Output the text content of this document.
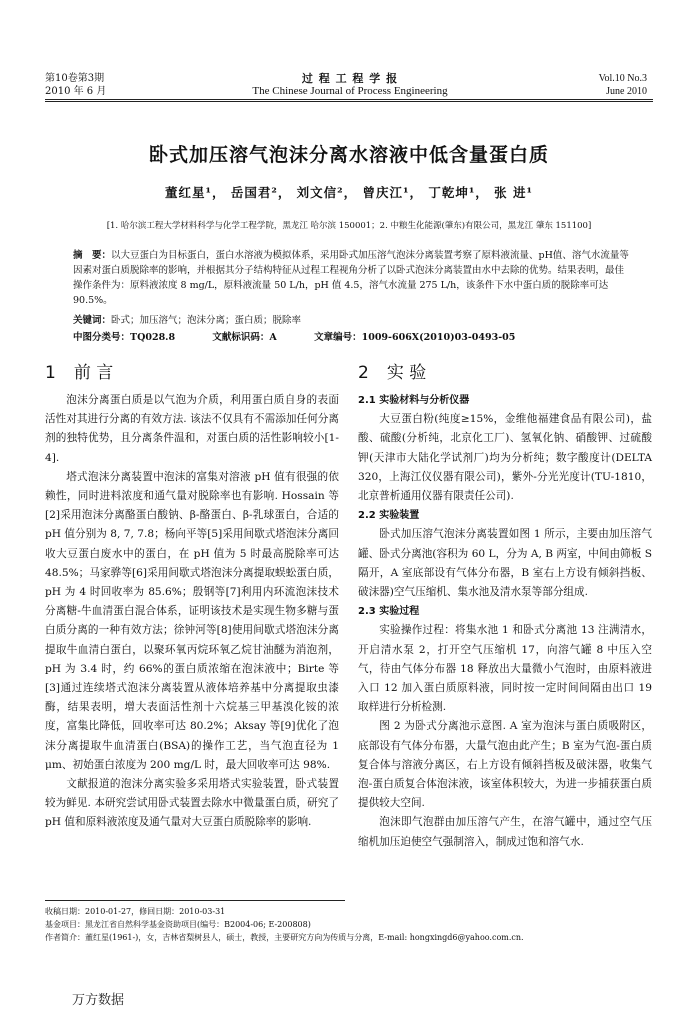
第10卷第3期
2010 年 6 月
过 程 工 程 学 报
The Chinese Journal of Process Engineering
Vol.10 No.3
June 2010
卧式加压溶气泡沫分离水溶液中低含量蛋白质
董红星¹， 岳国君²， 刘文信²， 曾庆江¹， 丁乾坤¹， 张 进¹
[1. 哈尔滨工程大学材料科学与化学工程学院，黑龙江 哈尔滨 150001；2. 中粮生化能源(肇东)有限公司，黑龙江 肇东 151100]
摘　要：以大豆蛋白为目标蛋白，蛋白水溶液为模拟体系，采用卧式加压溶气泡沫分离装置考察了原料液流量、pH值、溶气水流量等因素对蛋白质脱除率的影响，并根据其分子结构特征从过程工程视角分析了以卧式泡沫分离装置由水中去除的优势。结果表明，最佳操作条件为：原料液浓度 8 mg/L，原料液流量 50 L/h，pH 值 4.5，溶气水流量 275 L/h，该条件下水中蛋白质的脱除率可达 90.5%。
关键词：卧式；加压溶气；泡沫分离；蛋白质；脱除率
中图分类号：TQ028.8	文献标识码：A	文章编号：1009-606X(2010)03-0493-05
1 前 言	2 实 验

泡沫分离蛋白质是以气泡为介质，利用蛋白质自身的表面活性对其进行分离的有效方法. 该法不仅具有不需添加任何分离剂的独特优势，且分离条件温和，对蛋白质的活性影响较小[1-4].

塔式泡沫分离装置中泡沫的富集对溶液 pH 值有很强的依赖性，同时进料浓度和通气量对脱除率也有影响. Hossain 等[2]采用泡沫分离酪蛋白酸钠、β-酪蛋白、β-乳球蛋白，合适的 pH 值分别为 8, 7, 7.8；杨向平等[5]采用间歇式塔泡沫分离回收大豆蛋白废水中的蛋白，在 pH 值为 5 时最高脱除率可达 48.5%；马家骅等[6]采用间歇式塔泡沫分离提取蜈蚣蛋白质，pH 为 4 时回收率为 85.6%；殷钢等[7]利用内环流泡沫技术分离糖-牛血清蛋白混合体系，证明该技术是实现生物多糖与蛋白质分离的一种有效方法；徐钟河等[8]使用间歇式塔泡沫分离提取牛血清白蛋白，以聚环氧丙烷环氧乙烷甘油醚为消泡剂，pH 为 3.4 时，约 66%的蛋白质浓缩在泡沫液中；Birte 等[3]通过连续塔式泡沫分离装置从液体培养基中分离提取虫漆酶，结果表明，增大表面活性剂十六烷基三甲基溴化铵的浓度，富集比降低，回收率可达 80.2%；Aksay 等[9]优化了泡沫分离提取牛血清蛋白(BSA)的操作工艺，当气泡直径为 1 μm、初始蛋白浓度为 200 mg/L 时，最大回收率可达 98%.

文献报道的泡沫分离实验多采用塔式实验装置，卧式装置较为鲜见. 本研究尝试用卧式装置去除水中微量蛋白质，研究了 pH 值和原料液浓度及通气量对大豆蛋白质脱除率的影响.

2.1 实验材料与分析仪器

大豆蛋白粉(纯度≥15%，金维他福建食品有限公司)，盐酸、硫酸(分析纯，北京化工厂)、氢氧化钠、硝酸钾、过硫酸钾(天津市大陆化学试剂厂)均为分析纯；数字酸度计(DELTA 320，上海江仪仪器有限公司)，紫外-分光光度计(TU-1810，北京普析通用仪器有限责任公司).

2.2 实验装置

卧式加压溶气泡沫分离装置如图 1 所示，主要由加压溶气罐、卧式分离池(容积为 60 L，分为 A, B 两室，中间由筛板 S 隔开，A 室底部设有气体分布器，B 室右上方设有倾斜挡板、破沫器)空气压缩机、集水池及清水泵等部分组成.

2.3 实验过程

实验操作过程：将集水池 1 和卧式分离池 13 注满清水，开启清水泵 2，打开空气压缩机 17，向溶气罐 8 中压入空气，待由气体分布器 18 释放出大量微小气泡时，由原料液进入口 12 加入蛋白质原料液，同时按一定时间间隔由出口 19 取样进行分析检测.

图 2 为卧式分离池示意图. A 室为泡沫与蛋白质吸附区，底部设有气体分布器，大量气泡由此产生；B 室为气泡-蛋白质复合体与溶液分离区，右上方设有倾斜挡板及破沫器，收集气泡-蛋白质复合体泡沫液，该室体积较大，为进一步捕获蛋白质提供较大空间.

泡沫即气泡群由加压溶气产生，在溶气罐中，通过空气压缩机加压迫使空气强制溶入，制成过饱和溶气水.

收稿日期：2010-01-27，修回日期：2010-03-31
基金项目：黑龙江省自然科学基金资助项目(编号：B2004-06; E-200808)
作者简介：董红星(1961-)，女，吉林省梨树县人，硕士，教授，主要研究方向为传质与分离，E-mail: hongxingd6@yahoo.com.cn.
万方数据
